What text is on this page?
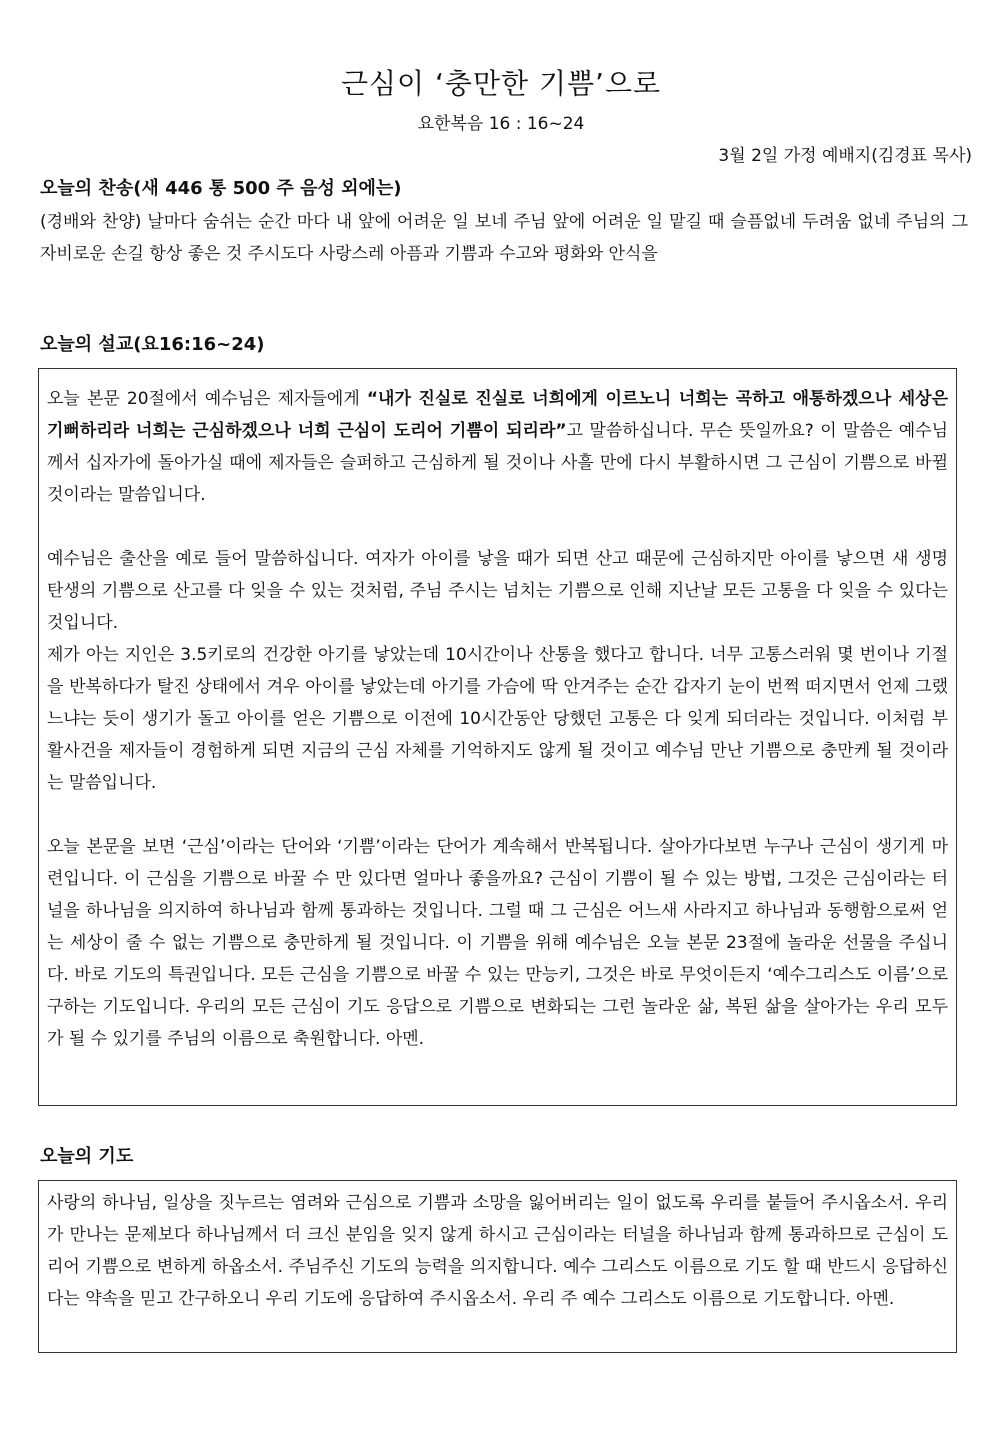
근심이 ‘충만한 기쁨’으로
요한복음 16 : 16~24
3월 2일 가정 예배지(김경표 목사)
오늘의 찬송(새 446 통 500 주 음성 외에는)

(경배와 찬양) 날마다 숨쉬는 순간 마다 내 앞에 어려운 일 보네 주님 앞에 어려운 일 맡길 때 슬픔없네 두려움 없네 주님의 그 자비로운 손길 항상 좋은 것 주시도다 사랑스레 아픔과 기쁨과 수고와 평화와 안식을

오늘의 설교(요16:16~24)

오늘 본문 20절에서 예수님은 제자들에게 “내가 진실로 진실로 너희에게 이르노니 너희는 곡하고 애통하겠으나 세상은 기뻐하리라 너희는 근심하겠으나 너희 근심이 도리어 기쁨이 되리라”고 말씀하십니다. 무슨 뜻일까요? 이 말씀은 예수님께서 십자가에 돌아가실 때에 제자들은 슬퍼하고 근심하게 될 것이나 사흘 만에 다시 부활하시면 그 근심이 기쁨으로 바뀔 것이라는 말씀입니다.

예수님은 출산을 예로 들어 말씀하십니다. 여자가 아이를 낳을 때가 되면 산고 때문에 근심하지만 아이를 낳으면 새 생명 탄생의 기쁨으로 산고를 다 잊을 수 있는 것처럼, 주님 주시는 넘치는 기쁨으로 인해 지난날 모든 고통을 다 잊을 수 있다는 것입니다.

제가 아는 지인은 3.5키로의 건강한 아기를 낳았는데 10시간이나 산통을 했다고 합니다. 너무 고통스러워 몇 번이나 기절을 반복하다가 탈진 상태에서 겨우 아이를 낳았는데 아기를 가슴에 딱 안겨주는 순간 갑자기 눈이 번쩍 떠지면서 언제 그랬느냐는 듯이 생기가 돌고 아이를 얻은 기쁨으로 이전에 10시간동안 당했던 고통은 다 잊게 되더라는 것입니다. 이처럼 부활사건을 제자들이 경험하게 되면 지금의 근심 자체를 기억하지도 않게 될 것이고 예수님 만난 기쁨으로 충만케 될 것이라는 말씀입니다.

오늘 본문을 보면 ‘근심’이라는 단어와 ‘기쁨’이라는 단어가 계속해서 반복됩니다. 살아가다보면 누구나 근심이 생기게 마련입니다. 이 근심을 기쁨으로 바꿀 수 만 있다면 얼마나 좋을까요? 근심이 기쁨이 될 수 있는 방법, 그것은 근심이라는 터널을 하나님을 의지하여 하나님과 함께 통과하는 것입니다. 그럴 때 그 근심은 어느새 사라지고 하나님과 동행함으로써 얻는 세상이 줄 수 없는 기쁨으로 충만하게 될 것입니다. 이 기쁨을 위해 예수님은 오늘 본문 23절에 놀라운 선물을 주십니다. 바로 기도의 특권입니다. 모든 근심을 기쁨으로 바꿀 수 있는 만능키, 그것은 바로 무엇이든지 ‘예수그리스도 이름’으로 구하는 기도입니다. 우리의 모든 근심이 기도 응답으로 기쁨으로 변화되는 그런 놀라운 삶, 복된 삶을 살아가는 우리 모두가 될 수 있기를 주님의 이름으로 축원합니다. 아멘.

오늘의 기도

사랑의 하나님, 일상을 짓누르는 염려와 근심으로 기쁨과 소망을 잃어버리는 일이 없도록 우리를 붙들어 주시옵소서. 우리가 만나는 문제보다 하나님께서 더 크신 분임을 잊지 않게 하시고 근심이라는 터널을 하나님과 함께 통과하므로 근심이 도리어 기쁨으로 변하게 하옵소서. 주님주신 기도의 능력을 의지합니다. 예수 그리스도 이름으로 기도 할 때 반드시 응답하신다는 약속을 믿고 간구하오니 우리 기도에 응답하여 주시옵소서. 우리 주 예수 그리스도 이름으로 기도합니다. 아멘.
